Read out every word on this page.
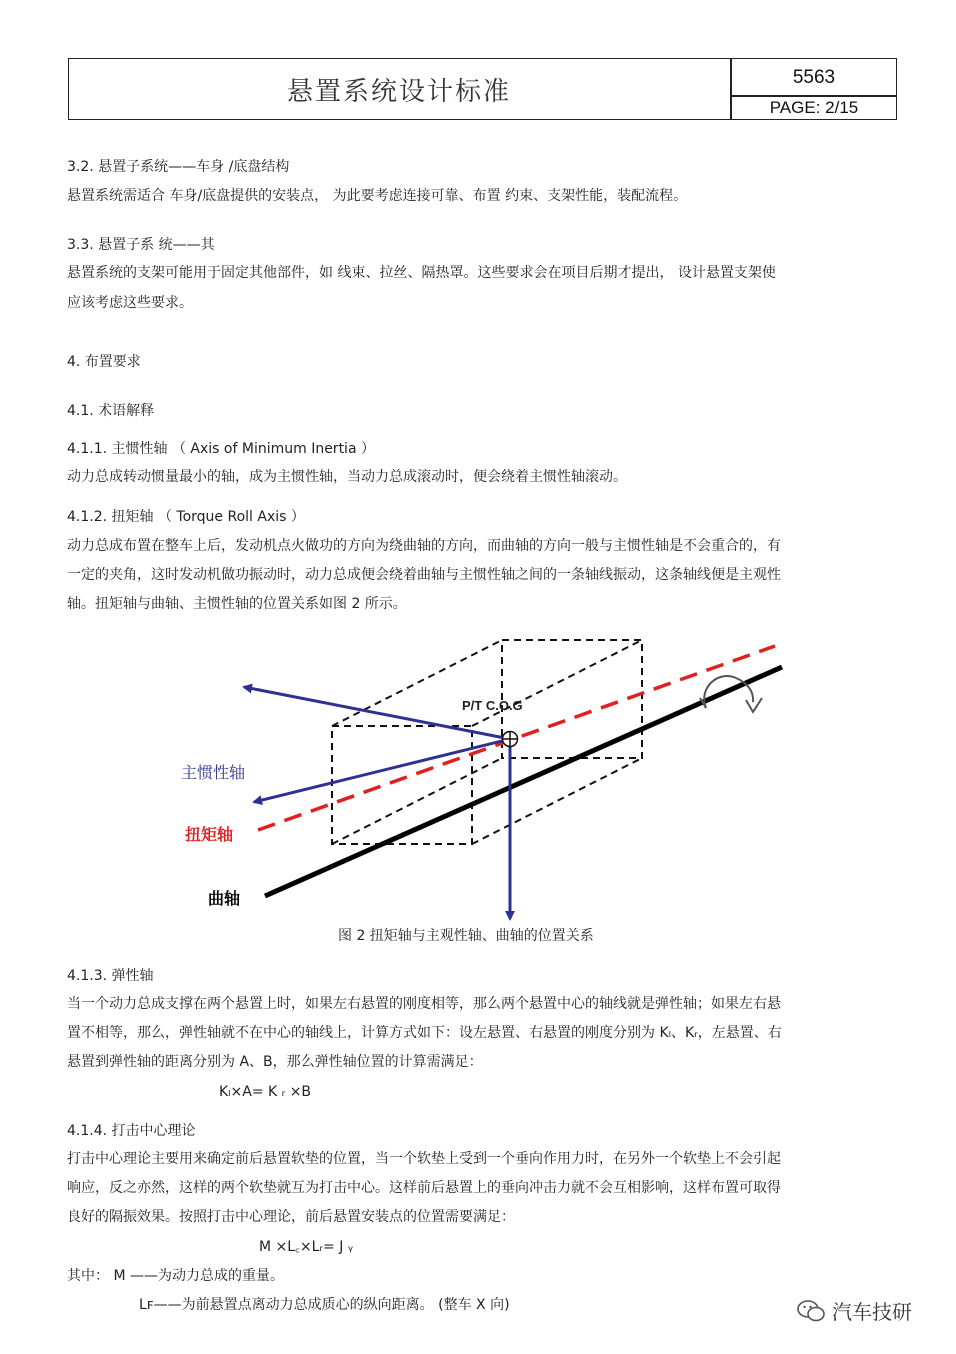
悬置系统设计标准	5563
PAGE: 2/15
3.2. 悬置子系统——车身 /底盘结构
悬置系统需适合 车身/底盘提供的安装点， 为此要考虑连接可靠、布置 约束、支架性能，装配流程。
3.3. 悬置子系 统——其
悬置系统的支架可能用于固定其他部件，如 线束、拉丝、隔热罩。这些要求会在项目后期才提出， 设计悬置支架使
应该考虑这些要求。
4. 布置要求
4.1. 术语解释
4.1.1. 主惯性轴 （ Axis of Minimum Inertia ）
动力总成转动惯量最小的轴，成为主惯性轴，当动力总成滚动时，便会绕着主惯性轴滚动。
4.1.2. 扭矩轴 （ Torque Roll Axis ）
动力总成布置在整车上后，发动机点火做功的方向为绕曲轴的方向，而曲轴的方向一般与主惯性轴是不会重合的，有
一定的夹角，这时发动机做功振动时，动力总成便会绕着曲轴与主惯性轴之间的一条轴线振动，这条轴线便是主观性
轴。扭矩轴与曲轴、主惯性轴的位置关系如图 2 所示。
P/T C.O.G
主惯性轴
扭矩轴
曲轴
图 2 扭矩轴与主观性轴、曲轴的位置关系
4.1.3. 弹性轴
当一个动力总成支撑在两个悬置上时，如果左右悬置的刚度相等，那么两个悬置中心的轴线就是弹性轴；如果左右悬
置不相等，那么，弹性轴就不在中心的轴线上，计算方式如下：设左悬置、右悬置的刚度分别为 Kₗ、Kᵣ，左悬置、右
悬置到弹性轴的距离分别为 A、B，那么弹性轴位置的计算需满足：
Kₗ×A= K ᵣ ×B
4.1.4. 打击中心理论
打击中心理论主要用来确定前后悬置软垫的位置，当一个软垫上受到一个垂向作用力时，在另外一个软垫上不会引起
响应，反之亦然，这样的两个软垫就互为打击中心。这样前后悬置上的垂向冲击力就不会互相影响，这样布置可取得
良好的隔振效果。按照打击中心理论，前后悬置安装点的位置需要满足：
M ×L꜀×Lᵣ= J ᵧ
其中： M ——为动力总成的重量。
Lꜰ——为前悬置点离动力总成质心的纵向距离。 (整车 X 向)	汽车技研
